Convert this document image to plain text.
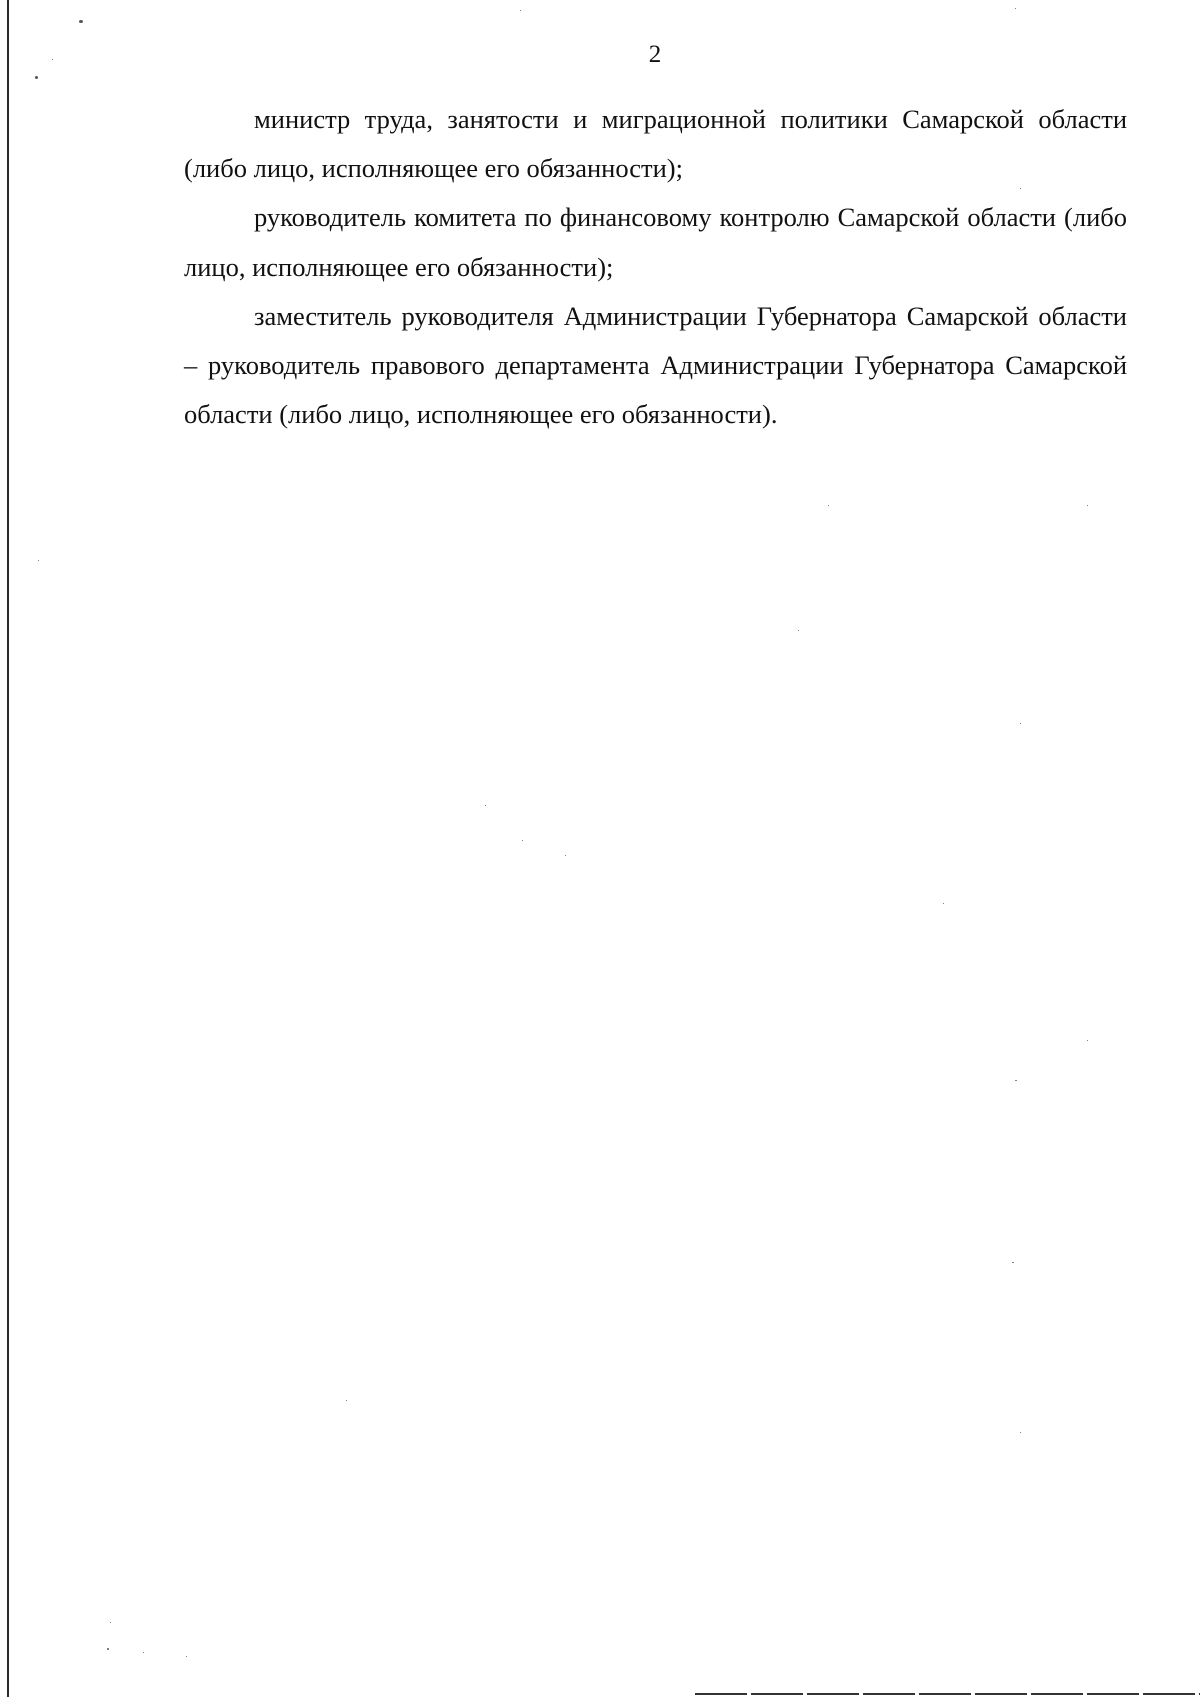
2

министр труда, занятости и миграционной политики Самарской области (либо лицо, исполняющее его обязанности);

руководитель комитета по финансовому контролю Самарской области (либо лицо, исполняющее его обязанности);

заместитель руководителя Администрации Губернатора Самарской области – руководитель правового департамента Администрации Губернатора Самарской области (либо лицо, исполняющее его обязанности).
